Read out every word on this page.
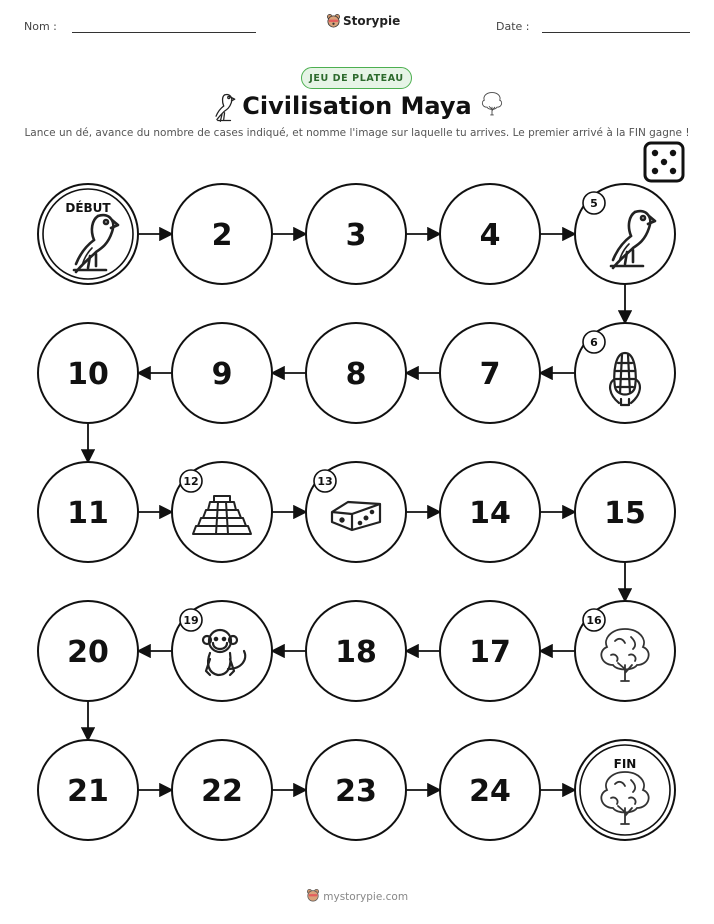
Nom :	Storypie	Date :
JEU DE PLATEAU
Civilisation Maya
Lance un dé, avance du nombre de cases indiqué, et nomme l'image sur laquelle tu arrives. Le premier arrivé à la FIN gagne !
DÉBUT
2	3	4
5
10	9	8	7
6
11
12	13
14	15
20
19
18	17
16
21	22	23	24
FIN
mystorypie.com
